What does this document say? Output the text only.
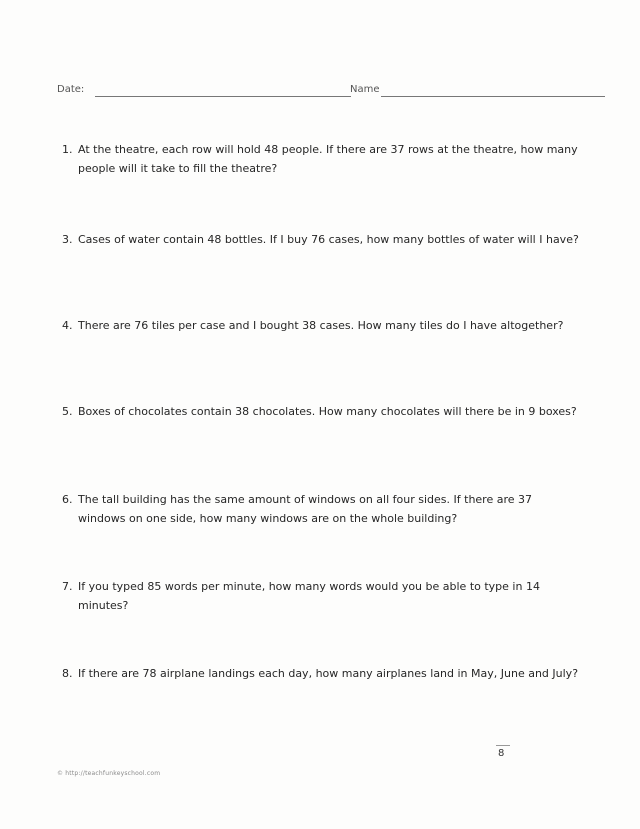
Date:	Name
1. At the theatre, each row will hold 48 people. If there are 37 rows at the theatre, how many people will it take to fill the theatre?
3. Cases of water contain 48 bottles. If I buy 76 cases, how many bottles of water will I have?
4. There are 76 tiles per case and I bought 38 cases. How many tiles do I have altogether?
5. Boxes of chocolates contain 38 chocolates. How many chocolates will there be in 9 boxes?
6. The tall building has the same amount of windows on all four sides. If there are 37 windows on one side, how many windows are on the whole building?
7. If you typed 85 words per minute, how many words would you be able to type in 14 minutes?
8. If there are 78 airplane landings each day, how many airplanes land in May, June and July?
8
© http://teachfunkeyschool.com
